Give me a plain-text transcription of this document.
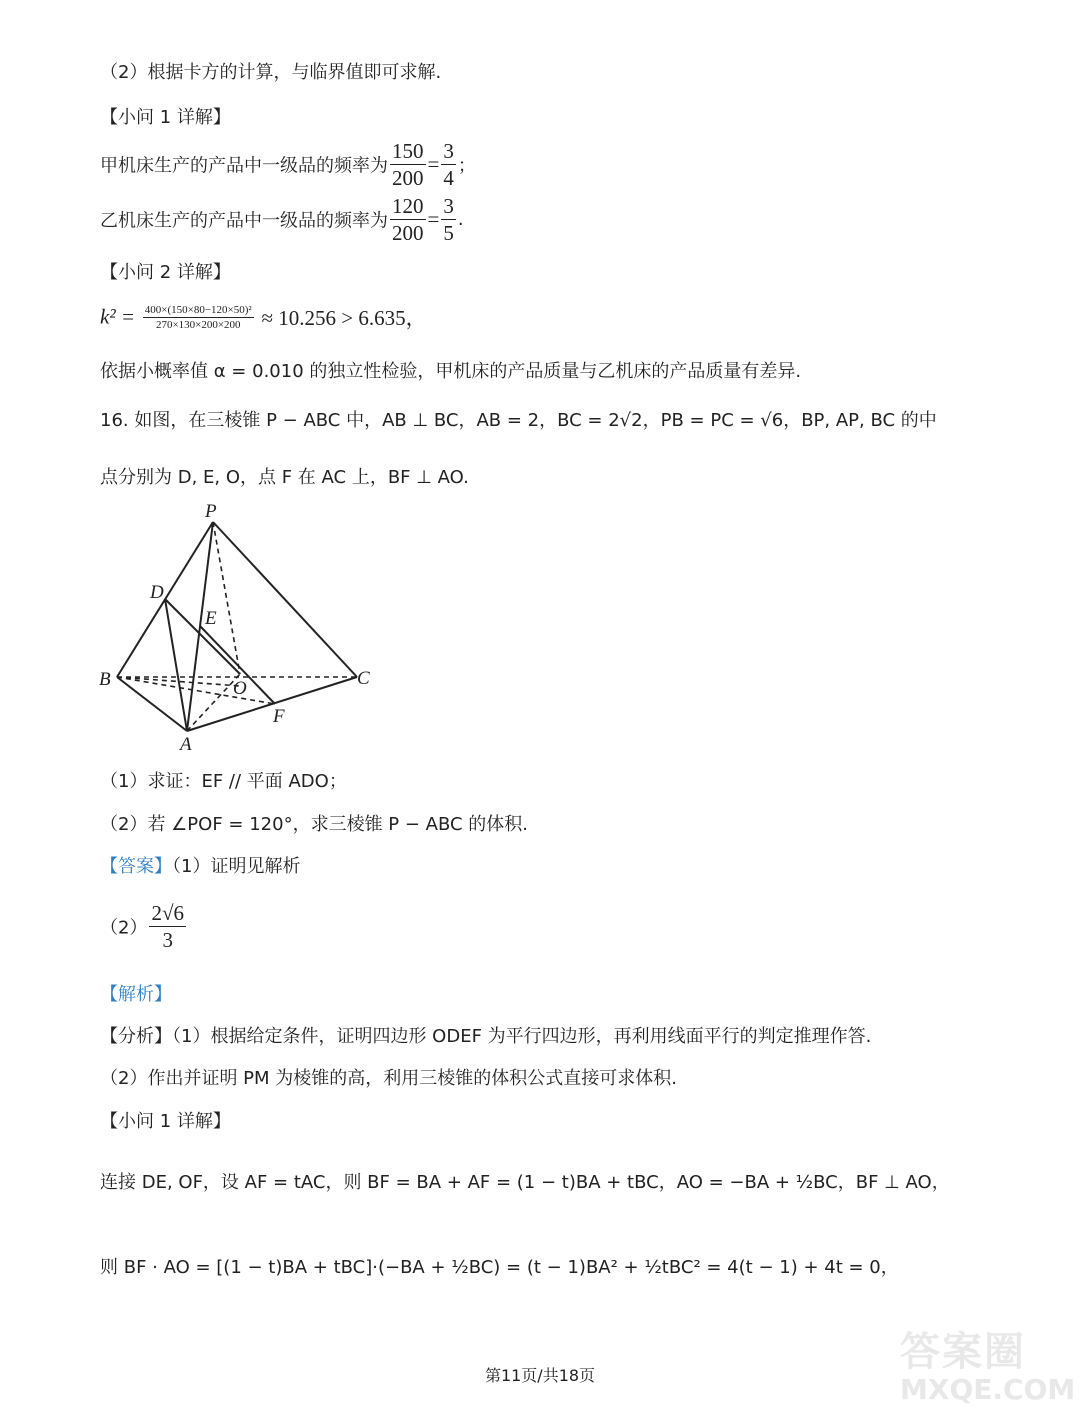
（2）根据卡方的计算，与临界值即可求解.
【小问 1 详解】
甲机床生产的产品中一级品的频率为 $\frac{150}{200} = \frac{3}{4}$ ；
乙机床生产的产品中一级品的频率为 $\frac{120}{200} = \frac{3}{5}$ .
【小问 2 详解】
$k^2 = \frac{\text{400×(150×80−120×50)²}}{270\times 130\times 200\times 200} \approx 10.256 > 6.635$，
依据小概率值 α = 0.010 的独立性检验，甲机床的产品质量与乙机床的产品质量有差异.
16. 如图，在三棱锥 P − ABC 中，AB ⊥ BC，AB = 2，BC = 2√2，PB = PC = √6，BP, AP, BC 的中
点分别为 D, E, O，点 F 在 AC 上，BF ⊥ AO.
P
D
E
B	O	C
F
A
（1）求证：EF // 平面 ADO；
（2）若 ∠POF = 120°，求三棱锥 P − ABC 的体积.
【答案】（1）证明见解析
$(2) \frac{2√6}{3}$
【解析】
【分析】（1）根据给定条件，证明四边形 ODEF 为平行四边形，再利用线面平行的判定推理作答.
（2）作出并证明 PM 为棱锥的高，利用三棱锥的体积公式直接可求体积.
【小问 1 详解】
连接 DE, OF，设 AF = tAC，则 BF = BA + AF = (1 − t)BA + tBC，AO = −BA + ½BC，BF ⊥ AO，
则 BF · AO = [(1 − t)BA + tBC]·(−BA + ½BC) = (t − 1)BA² + ½tBC² = 4(t − 1) + 4t = 0，
第11页/共18页
答案圈
MXQE.COM
